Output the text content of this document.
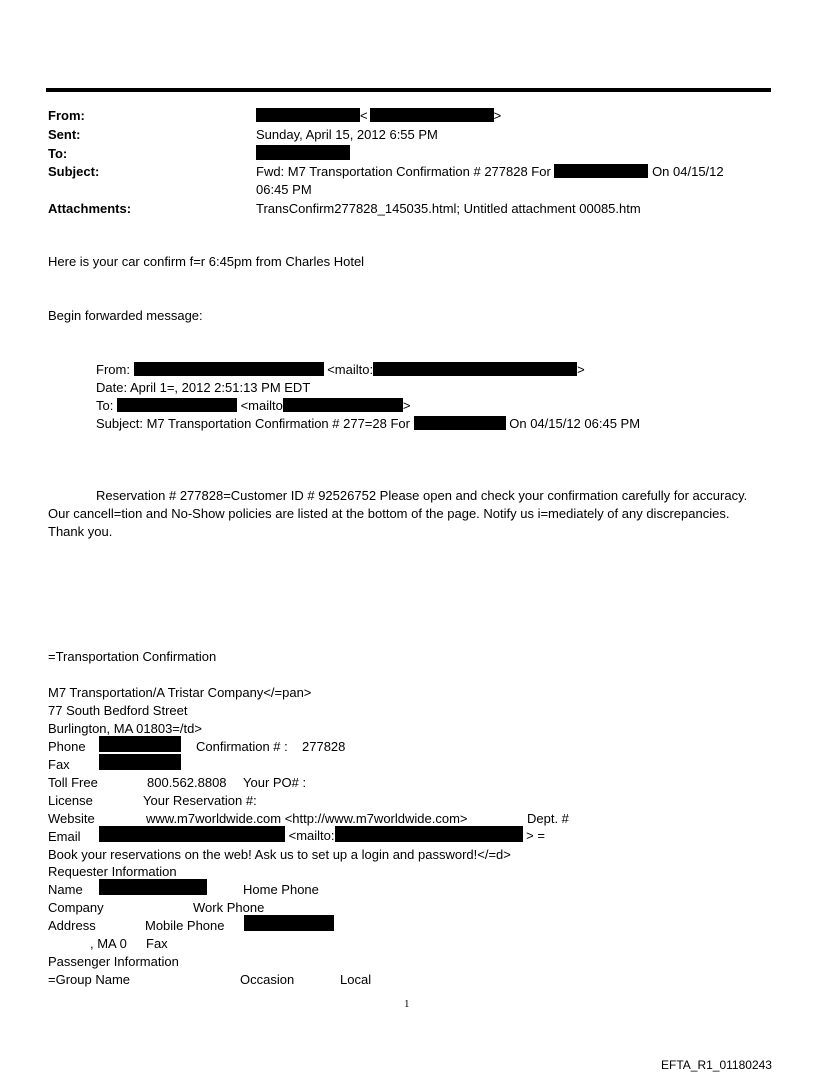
From:	<	>
Sent:	Sunday, April 15, 2012 6:55 PM
To:
Subject:	Fwd: M7 Transportation Confirmation # 277828 For	On 04/15/12
06:45 PM
Attachments:	TransConfirm277828_145035.html; Untitled attachment 00085.htm
Here is your car confirm f=r 6:45pm from Charles Hotel
Begin forwarded message:
From:	<mailto:	>
Date: April 1=, 2012 2:51:13 PM EDT
To:	<mailto	>
Subject: M7 Transportation Confirmation # 277=28 For	On 04/15/12 06:45 PM
Reservation # 277828=Customer ID # 92526752 Please open and check your confirmation carefully for accuracy.
Our cancell=tion and No-Show policies are listed at the bottom of the page. Notify us i=mediately of any discrepancies.
Thank you.
=Transportation Confirmation
M7 Transportation/A Tristar Company</=pan>
77 South Bedford Street
Burlington, MA 01803=/td>
Phone	Confirmation # : 277828
Fax
Toll Free	800.562.8808 Your PO# :
License	Your Reservation #:
Website	www.m7worldwide.com <http://www.m7worldwide.com>	Dept. #
Email	<mailto:	> =
Book your reservations on the web! Ask us to set up a login and password!</=d>
Requester Information
Name	Home Phone
Company	Work Phone
Address	Mobile Phone
, MA 0 Fax
Passenger Information
=Group Name	Occasion	Local
1
EFTA_R1_01180243
